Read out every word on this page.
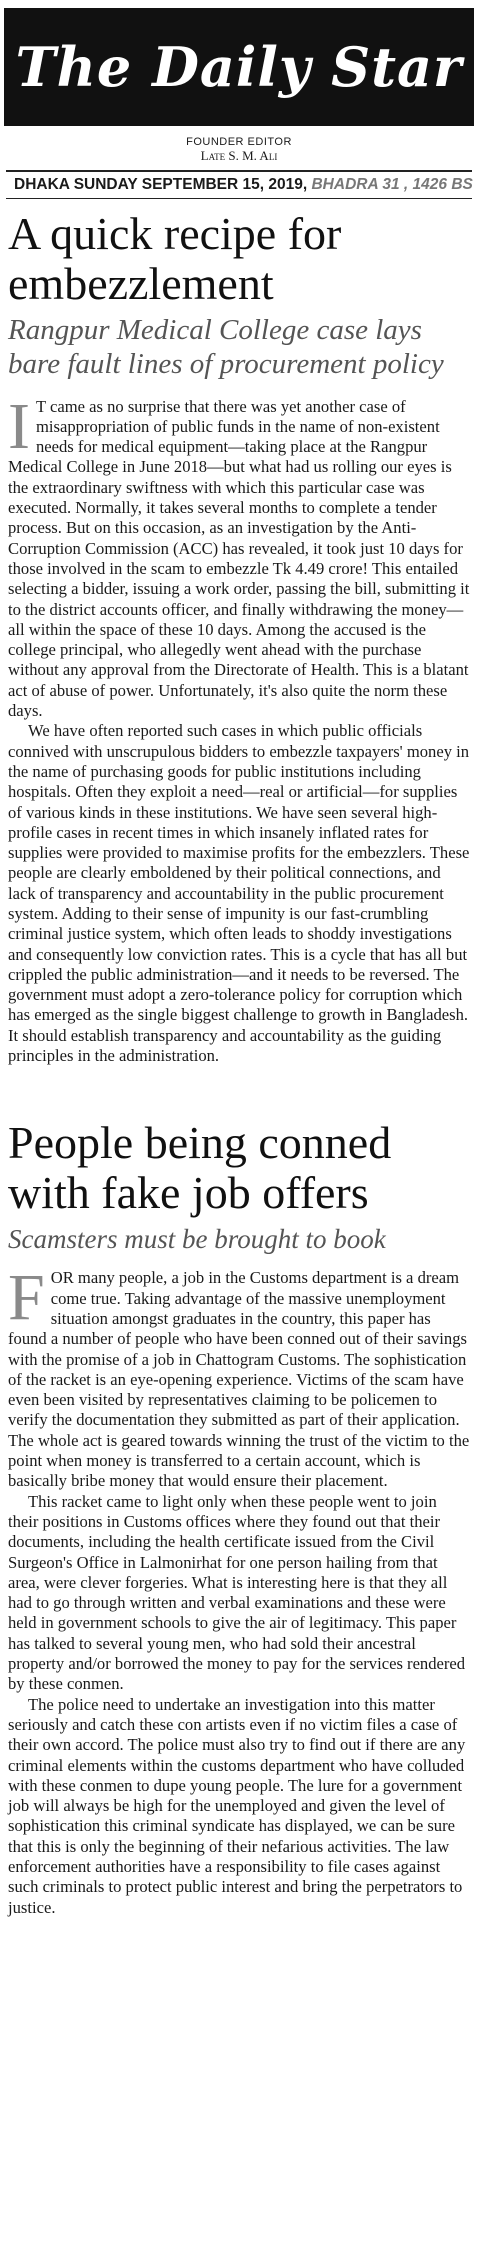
The Daily Star
FOUNDER EDITOR
Late S. M. Ali
DHAKA SUNDAY SEPTEMBER 15, 2019, BHADRA 31 , 1426 BS
A quick recipe for embezzlement
Rangpur Medical College case lays bare fault lines of procurement policy

I T came as no surprise that there was yet another case of misappropriation of public funds in the name of non-existent needs for medical equipment—taking place at the Rangpur Medical College in June 2018—but what had us rolling our eyes is the extraordinary swiftness with which this particular case was executed. Normally, it takes several months to complete a tender process. But on this occasion, as an investigation by the Anti-Corruption Commission (ACC) has revealed, it took just 10 days for those involved in the scam to embezzle Tk 4.49 crore! This entailed selecting a bidder, issuing a work order, passing the bill, submitting it to the district accounts officer, and finally withdrawing the money—all within the space of these 10 days. Among the accused is the college principal, who allegedly went ahead with the purchase without any approval from the Directorate of Health. This is a blatant act of abuse of power. Unfortunately, it's also quite the norm these days.

We have often reported such cases in which public officials connived with unscrupulous bidders to embezzle taxpayers' money in the name of purchasing goods for public institutions including hospitals. Often they exploit a need—real or artificial—for supplies of various kinds in these institutions. We have seen several high-profile cases in recent times in which insanely inflated rates for supplies were provided to maximise profits for the embezzlers. These people are clearly emboldened by their political connections, and lack of transparency and accountability in the public procurement system. Adding to their sense of impunity is our fast-crumbling criminal justice system, which often leads to shoddy investigations and consequently low conviction rates. This is a cycle that has all but crippled the public administration—and it needs to be reversed. The government must adopt a zero-tolerance policy for corruption which has emerged as the single biggest challenge to growth in Bangladesh. It should establish transparency and accountability as the guiding principles in the administration.

People being conned with fake job offers
Scamsters must be brought to book

FOR many people, a job in the Customs department is a dream come true. Taking advantage of the massive unemployment situation amongst graduates in the country, this paper has found a number of people who have been conned out of their savings with the promise of a job in Chattogram Customs. The sophistication of the racket is an eye-opening experience. Victims of the scam have even been visited by representatives claiming to be policemen to verify the documentation they submitted as part of their application. The whole act is geared towards winning the trust of the victim to the point when money is transferred to a certain account, which is basically bribe money that would ensure their placement.

This racket came to light only when these people went to join their positions in Customs offices where they found out that their documents, including the health certificate issued from the Civil Surgeon's Office in Lalmonirhat for one person hailing from that area, were clever forgeries. What is interesting here is that they all had to go through written and verbal examinations and these were held in government schools to give the air of legitimacy. This paper has talked to several young men, who had sold their ancestral property and/or borrowed the money to pay for the services rendered by these conmen.

The police need to undertake an investigation into this matter seriously and catch these con artists even if no victim files a case of their own accord. The police must also try to find out if there are any criminal elements within the customs department who have colluded with these conmen to dupe young people. The lure for a government job will always be high for the unemployed and given the level of sophistication this criminal syndicate has displayed, we can be sure that this is only the beginning of their nefarious activities. The law enforcement authorities have a responsibility to file cases against such criminals to protect public interest and bring the perpetrators to justice.
